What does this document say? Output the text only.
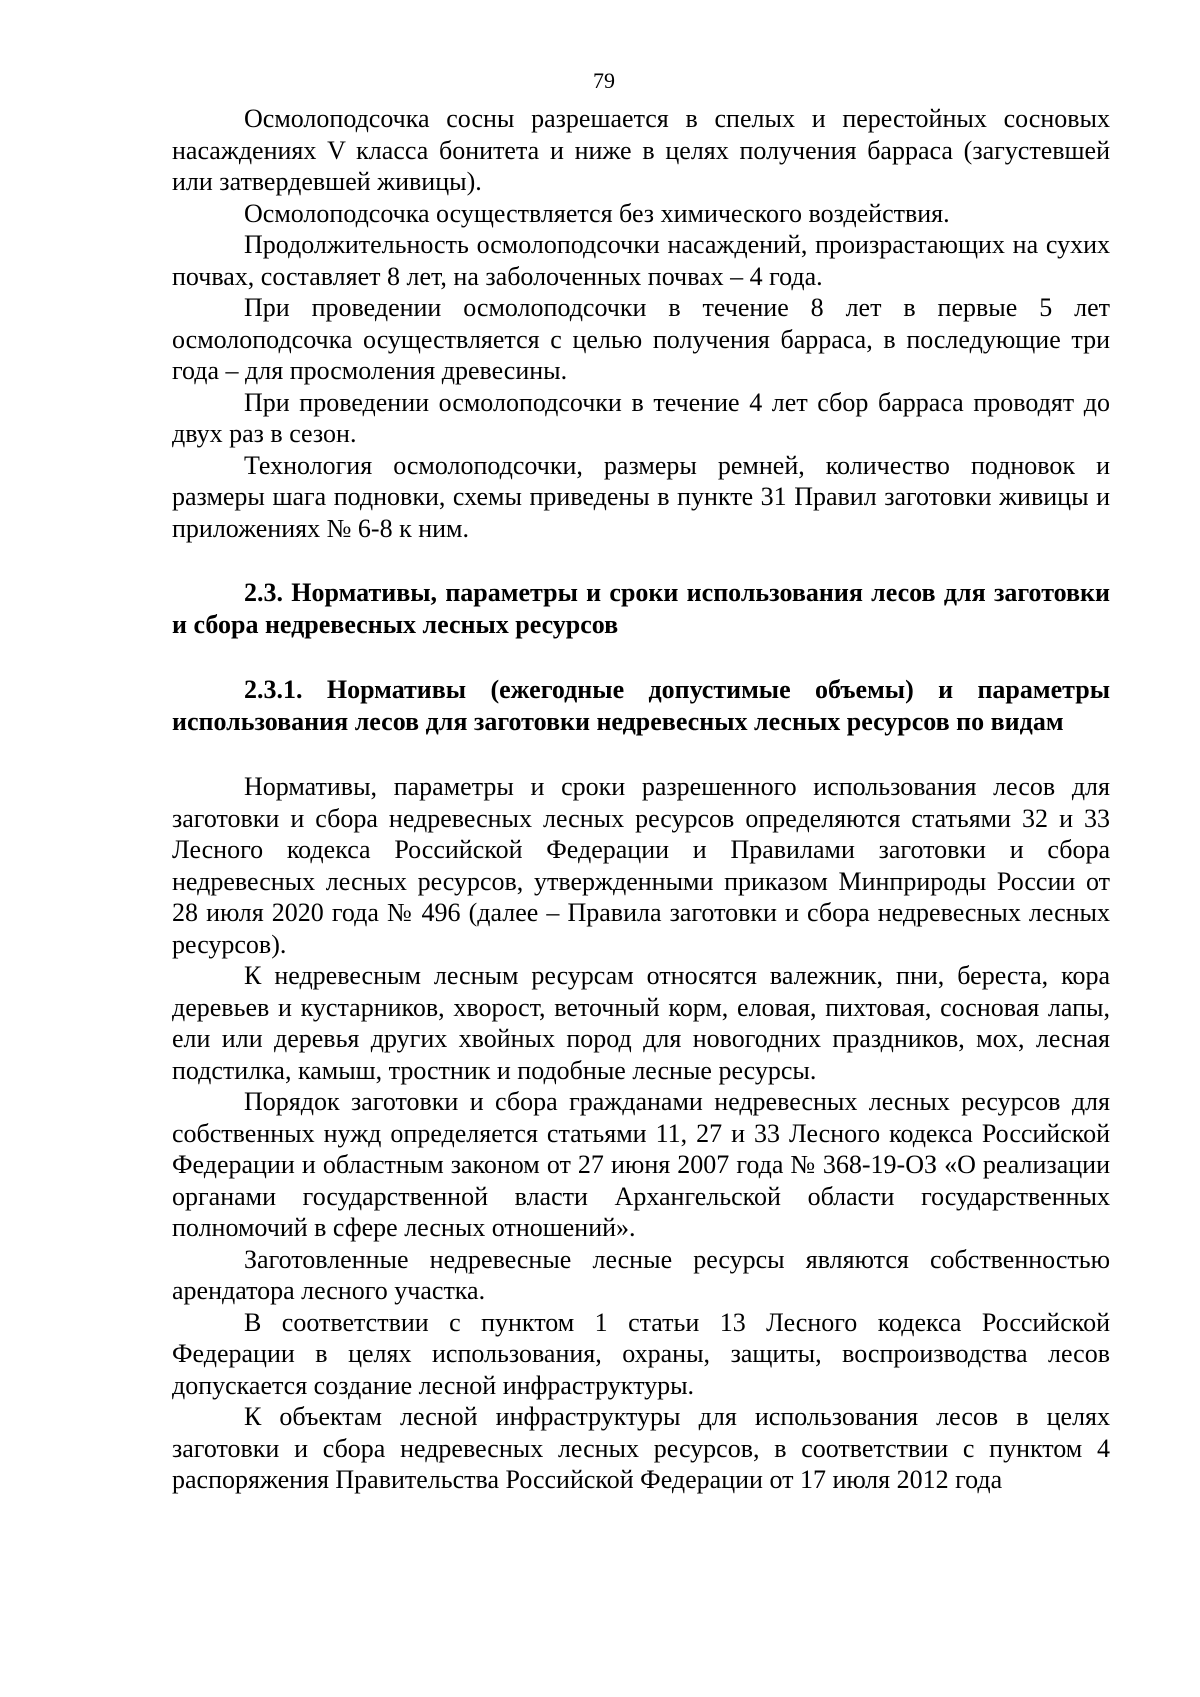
79

Осмолоподсочка сосны разрешается в спелых и перестойных сосновых насаждениях V класса бонитета и ниже в целях получения барраса (загустевшей или затвердевшей живицы).

Осмолоподсочка осуществляется без химического воздействия.

Продолжительность осмолоподсочки насаждений, произрастающих на сухих почвах, составляет 8 лет, на заболоченных почвах – 4 года.

При проведении осмолоподсочки в течение 8 лет в первые 5 лет осмолоподсочка осуществляется с целью получения барраса, в последующие три года – для просмоления древесины.

При проведении осмолоподсочки в течение 4 лет сбор барраса проводят до двух раз в сезон.

Технология осмолоподсочки, размеры ремней, количество подновок и размеры шага подновки, схемы приведены в пункте 31 Правил заготовки живицы и приложениях № 6-8 к ним.

2.3. Нормативы, параметры и сроки использования лесов для заготовки и сбора недревесных лесных ресурсов
2.3.1. Нормативы (ежегодные допустимые объемы) и параметры использования лесов для заготовки недревесных лесных ресурсов по видам

Нормативы, параметры и сроки разрешенного использования лесов для заготовки и сбора недревесных лесных ресурсов определяются статьями 32 и 33 Лесного кодекса Российской Федерации и Правилами заготовки и сбора недревесных лесных ресурсов, утвержденными приказом Минприроды России от 28 июля 2020 года № 496 (далее – Правила заготовки и сбора недревесных лесных ресурсов).

К недревесным лесным ресурсам относятся валежник, пни, береста, кора деревьев и кустарников, хворост, веточный корм, еловая, пихтовая, сосновая лапы, ели или деревья других хвойных пород для новогодних праздников, мох, лесная подстилка, камыш, тростник и подобные лесные ресурсы.

Порядок заготовки и сбора гражданами недревесных лесных ресурсов для собственных нужд определяется статьями 11, 27 и 33 Лесного кодекса Российской Федерации и областным законом от 27 июня 2007 года № 368-19-ОЗ «О реализации органами государственной власти Архангельской области государственных полномочий в сфере лесных отношений».

Заготовленные недревесные лесные ресурсы являются собственностью арендатора лесного участка.

В соответствии с пунктом 1 статьи 13 Лесного кодекса Российской Федерации в целях использования, охраны, защиты, воспроизводства лесов допускается создание лесной инфраструктуры.

К объектам лесной инфраструктуры для использования лесов в целях заготовки и сбора недревесных лесных ресурсов, в соответствии с пунктом 4 распоряжения Правительства Российской Федерации от 17 июля 2012 года
